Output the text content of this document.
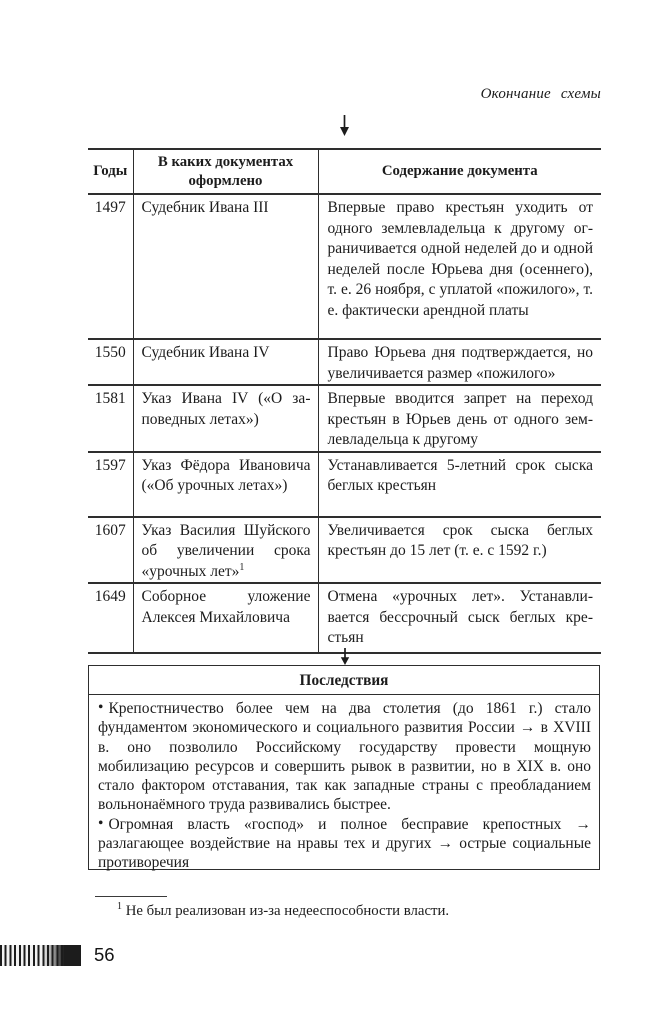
Окончание схемы
Годы	В каких документах оформлено	Содержание документа
1497	Судебник Ивана III	Впервые право крестьян уходить от одного землевладельца к другому ограничивается одной неделей до и одной неделей после Юрьева дня (осеннего), т. е. 26 ноября, с уплатой «пожилого», т. е. фактически арендной платы
1550	Судебник Ивана IV	Право Юрьева дня подтверждается, но увеличивается размер «пожилого»
1581	Указ Ивана IV («О заповедных летах»)	Впервые вводится запрет на переход крестьян в Юрьев день от одного землевладельца к другому
1597	Указ Фёдора Ивановича («Об урочных летах»)	Устанавливается 5-летний срок сыска беглых крестьян
1607	Указ Василия Шуйского об увеличении срока «урочных лет»$^1$	Увеличивается срок сыска беглых крестьян до 15 лет (т. е. с 1592 г.)
1649	Соборное уложение Алексея Михайловича	Отмена «урочных лет». Устанавливается бессрочный сыск беглых крестьян
Последствия

• Крепостничество более чем на два столетия (до 1861 г.) стало фундаментом экономического и социального развития России → в XVIII в. оно позволило Российскому государству провести мощную мобилизацию ресурсов и совершить рывок в развитии, но в XIX в. оно стало фактором отставания, так как западные страны с преобладанием вольнонаёмного труда развивались быстрее.

• Огромная власть «господ» и полное бесправие крепостных → разлагающее воздействие на нравы тех и других → острые социальные противоречия

$^1$ Не был реализован из-за недееспособности власти.

56
